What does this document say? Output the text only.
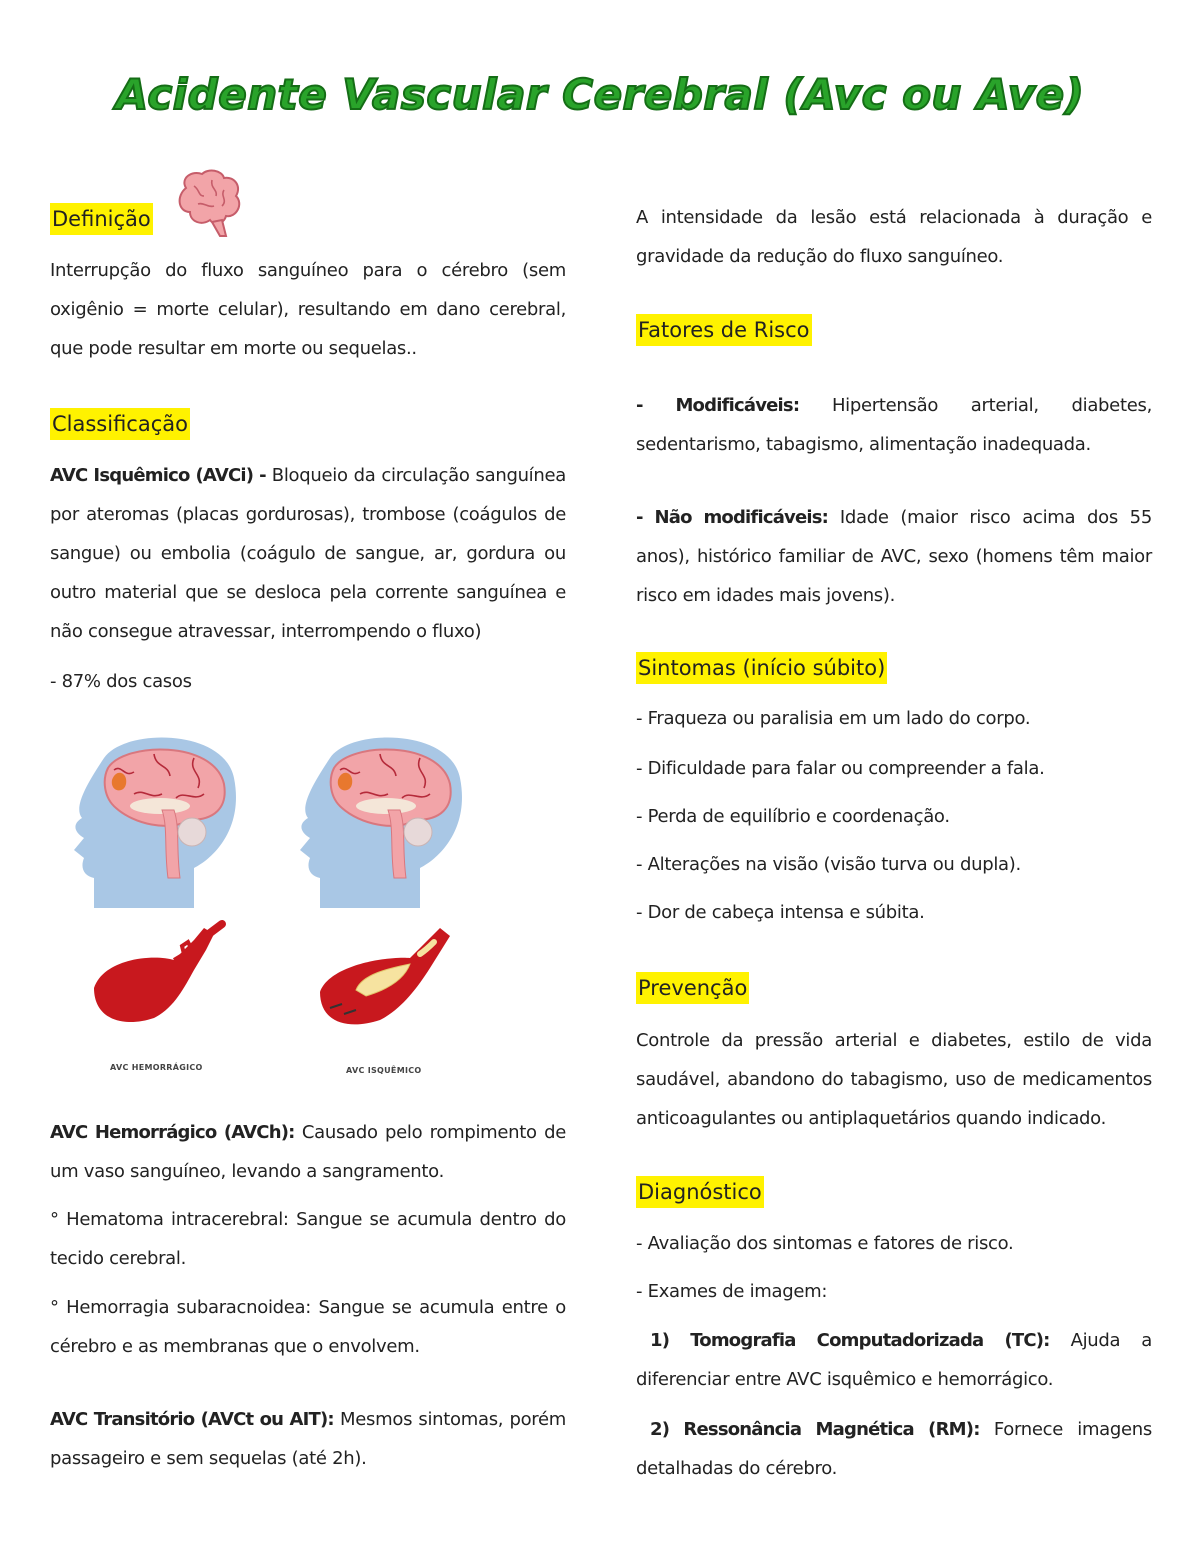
Acidente Vascular Cerebral (Avc ou Ave)
Definição
Interrupção do fluxo sanguíneo para o cérebro (sem oxigênio = morte celular), resultando em dano cerebral, que pode resultar em morte ou sequelas..
Classificação
AVC Isquêmico (AVCi) - Bloqueio da circulação sanguínea por ateromas (placas gordurosas), trombose (coágulos de sangue) ou embolia (coágulo de sangue, ar, gordura ou outro material que se desloca pela corrente sanguínea e não consegue atravessar, interrompendo o fluxo)
- 87% dos casos
AVC HEMORRÁGICO	AVC ISQUÊMICO
AVC Hemorrágico (AVCh): Causado pelo rompimento de um vaso sanguíneo, levando a sangramento.
° Hematoma intracerebral: Sangue se acumula dentro do tecido cerebral.
° Hemorragia subaracnoidea: Sangue se acumula entre o cérebro e as membranas que o envolvem.
AVC Transitório (AVCt ou AIT): Mesmos sintomas, porém passageiro e sem sequelas (até 2h).
A intensidade da lesão está relacionada à duração e gravidade da redução do fluxo sanguíneo.
Fatores de Risco
- Modificáveis: Hipertensão arterial, diabetes, sedentarismo, tabagismo, alimentação inadequada.
- Não modificáveis: Idade (maior risco acima dos 55 anos), histórico familiar de AVC, sexo (homens têm maior risco em idades mais jovens).
Sintomas (início súbito)
- Fraqueza ou paralisia em um lado do corpo.
- Dificuldade para falar ou compreender a fala.
- Perda de equilíbrio e coordenação.
- Alterações na visão (visão turva ou dupla).
- Dor de cabeça intensa e súbita.
Prevenção
Controle da pressão arterial e diabetes, estilo de vida saudável, abandono do tabagismo, uso de medicamentos anticoagulantes ou antiplaquetários quando indicado.
Diagnóstico
- Avaliação dos sintomas e fatores de risco.
- Exames de imagem:
1) Tomografia Computadorizada (TC): Ajuda a diferenciar entre AVC isquêmico e hemorrágico.
2) Ressonância Magnética (RM): Fornece imagens detalhadas do cérebro.
